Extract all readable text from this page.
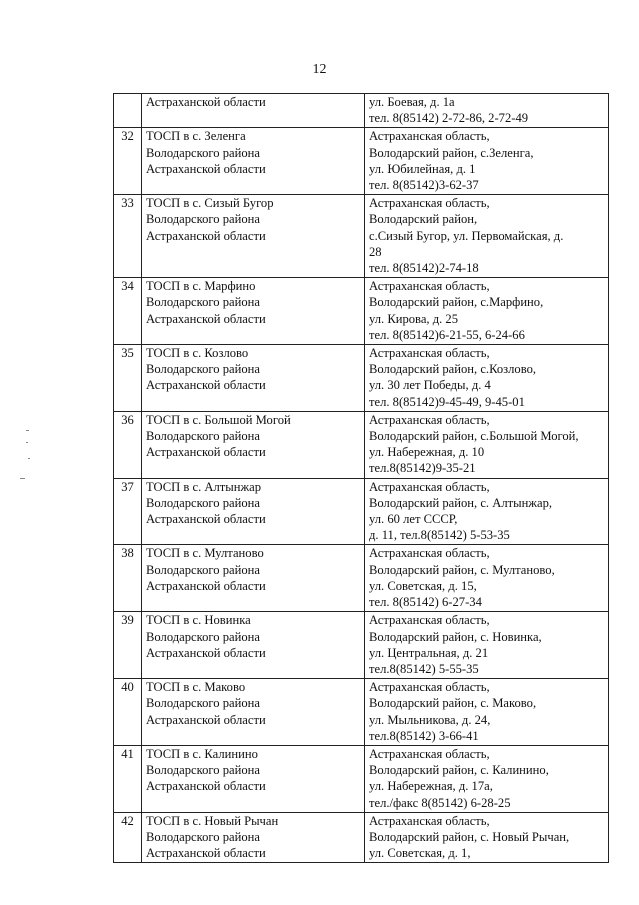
12

	Астраханской области	ул. Боевая, д. 1а
тел. 8(85142) 2-72-86, 2-72-49

32	ТОСП в с. Зеленга
Володарского района
Астраханской области	Астраханская область,
Володарский район, с.Зеленга,
ул. Юбилейная, д. 1
тел. 8(85142)3-62-37

33	ТОСП в с. Сизый Бугор
Володарского района
Астраханской области	Астраханская область,
Володарский район,
с.Сизый Бугор, ул. Первомайская, д.
28
тел. 8(85142)2-74-18

34	ТОСП в с. Марфино
Володарского района
Астраханской области	Астраханская область,
Володарский район, с.Марфино,
ул. Кирова, д. 25
тел. 8(85142)6-21-55, 6-24-66

35	ТОСП в с. Козлово
Володарского района
Астраханской области	Астраханская область,
Володарский район, с.Козлово,
ул. 30 лет Победы, д. 4
тел. 8(85142)9-45-49, 9-45-01

36	ТОСП в с. Большой Могой
Володарского района
Астраханской области	Астраханская область,
Володарский район, с.Большой Могой,
ул. Набережная, д. 10
тел.8(85142)9-35-21

37	ТОСП в с. Алтынжар
Володарского района
Астраханской области	Астраханская область,
Володарский район, с. Алтынжар,
ул. 60 лет СССР,
д. 11, тел.8(85142) 5-53-35

38	ТОСП в с. Мултаново
Володарского района
Астраханской области	Астраханская область,
Володарский район, с. Мултаново,
ул. Советская, д. 15,
тел. 8(85142) 6-27-34

39	ТОСП в с. Новинка
Володарского района
Астраханской области	Астраханская область,
Володарский район, с. Новинка,
ул. Центральная, д. 21
тел.8(85142) 5-55-35

40	ТОСП в с. Маково
Володарского района
Астраханской области	Астраханская область,
Володарский район, с. Маково,
ул. Мыльникова, д. 24,
тел.8(85142) 3-66-41

41	ТОСП в с. Калинино
Володарского района
Астраханской области	Астраханская область,
Володарский район, с. Калинино,
ул. Набережная, д. 17а,
тел./факс 8(85142) 6-28-25

42	ТОСП в с. Новый Рычан
Володарского района
Астраханской области	Астраханская область,
Володарский район, с. Новый Рычан,
ул. Советская, д. 1,
